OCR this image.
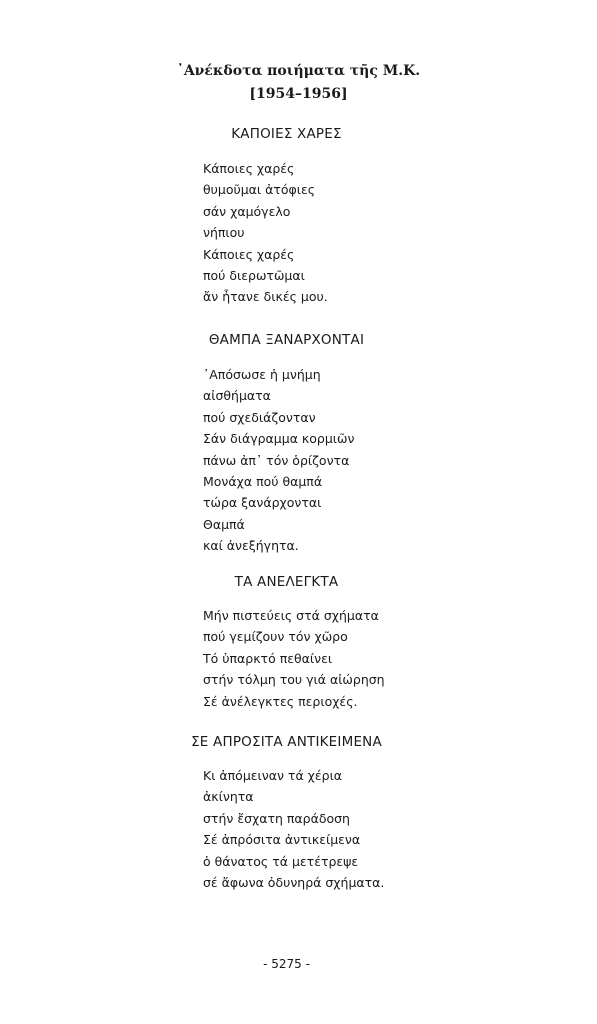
᾿Ανέκδοτα ποιήματα τῆς Μ.Κ.
[1954–1956]
ΚΑΠΟΙΕΣ ΧΑΡΕΣ
Κάποιες χαρές
θυμοῦμαι ἀτόφιες
σάν χαμόγελο
νήπιου
Κάποιες χαρές
πού διερωτῶμαι
ἄν ἦτανε δικές μου.
ΘΑΜΠΑ ΞΑΝΑΡΧΟΝΤΑΙ
᾿Απόσωσε ἡ μνήμη
αἰσθήματα
πού σχεδιάζονταν
Σάν διάγραμμα κορμιῶν
πάνω ἀπ᾿ τόν ὁρίζοντα
Μονάχα πού θαμπά
τώρα ξανάρχονται
Θαμπά
καί ἀνεξήγητα.
ΤΑ ΑΝΕΛΕΓΚΤΑ
Μήν πιστεύεις στά σχήματα
πού γεμίζουν τόν χῶρο
Τό ὑπαρκτό πεθαίνει
στήν τόλμη του γιά αἰώρηση
Σέ ἀνέλεγκτες περιοχές.
ΣΕ ΑΠΡΟΣΙΤΑ ΑΝΤΙΚΕΙΜΕΝΑ
Κι ἀπόμειναν τά χέρια
ἀκίνητα
στήν ἔσχατη παράδοση
Σέ ἀπρόσιτα ἀντικείμενα
ὁ θάνατος τά μετέτρεψε
σέ ἄφωνα ὀδυνηρά σχήματα.
- 5275 -
